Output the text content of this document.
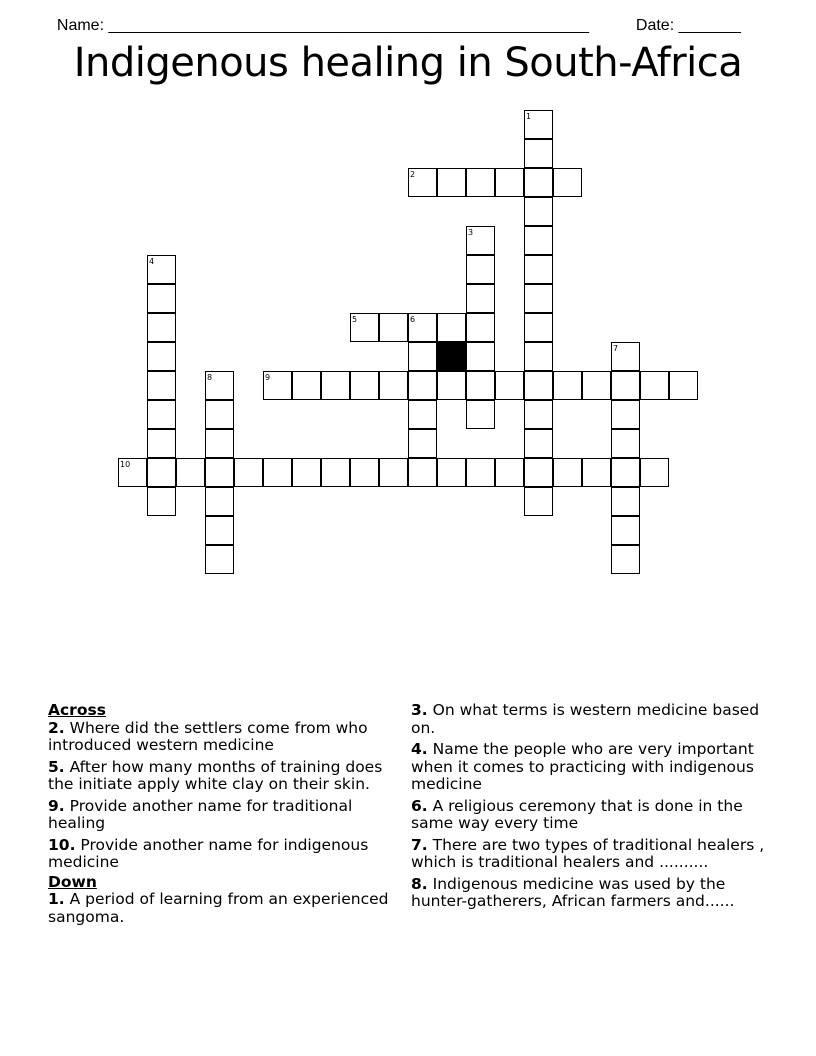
Name: ______________________________________________________	Date: _______

Indigenous healing in South-Africa
1
2
3
4
5	6
7
8	9
10
Across
2. Where did the settlers come from who introduced western medicine
5. After how many months of training does the initiate apply white clay on their skin.
9. Provide another name for traditional healing
10. Provide another name for indigenous medicine
Down
1. A period of learning from an experienced sangoma.
3. On what terms is western medicine based on.
4. Name the people who are very important when it comes to practicing with indigenous medicine
6. A religious ceremony that is done in the same way every time
7. There are two types of traditional healers , which is traditional healers and ..........
8. Indigenous medicine was used by the hunter-gatherers, African farmers and......
